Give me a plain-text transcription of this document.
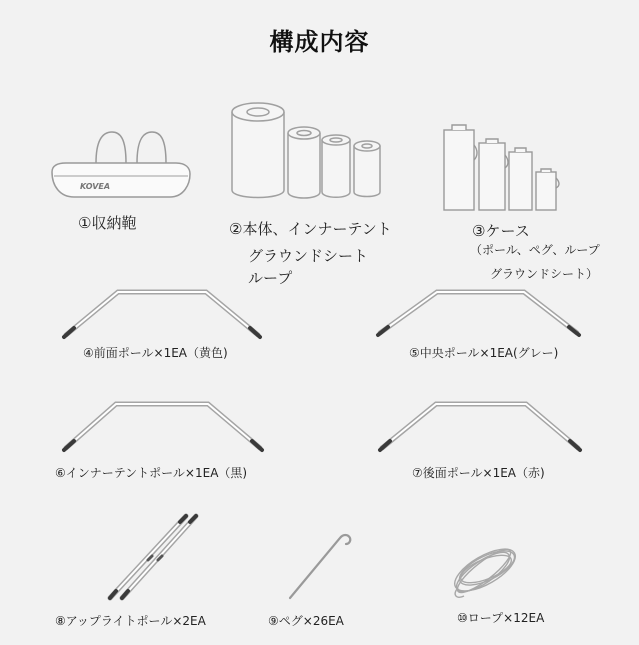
構成内容
KOVEA
①収納鞄	②本体、インナーテント
グラウンドシート
ループ
③ケース
（ポール、ペグ、ループ
グラウンドシート）
④前面ポール×1EA（黄色)	⑤中央ポール×1EA(グレー)
⑥インナーテントポール×1EA（黒)	⑦後面ポール×1EA（赤)
⑧アップライトポール×2EA	⑨ペグ×26EA	⑩ロープ×12EA
